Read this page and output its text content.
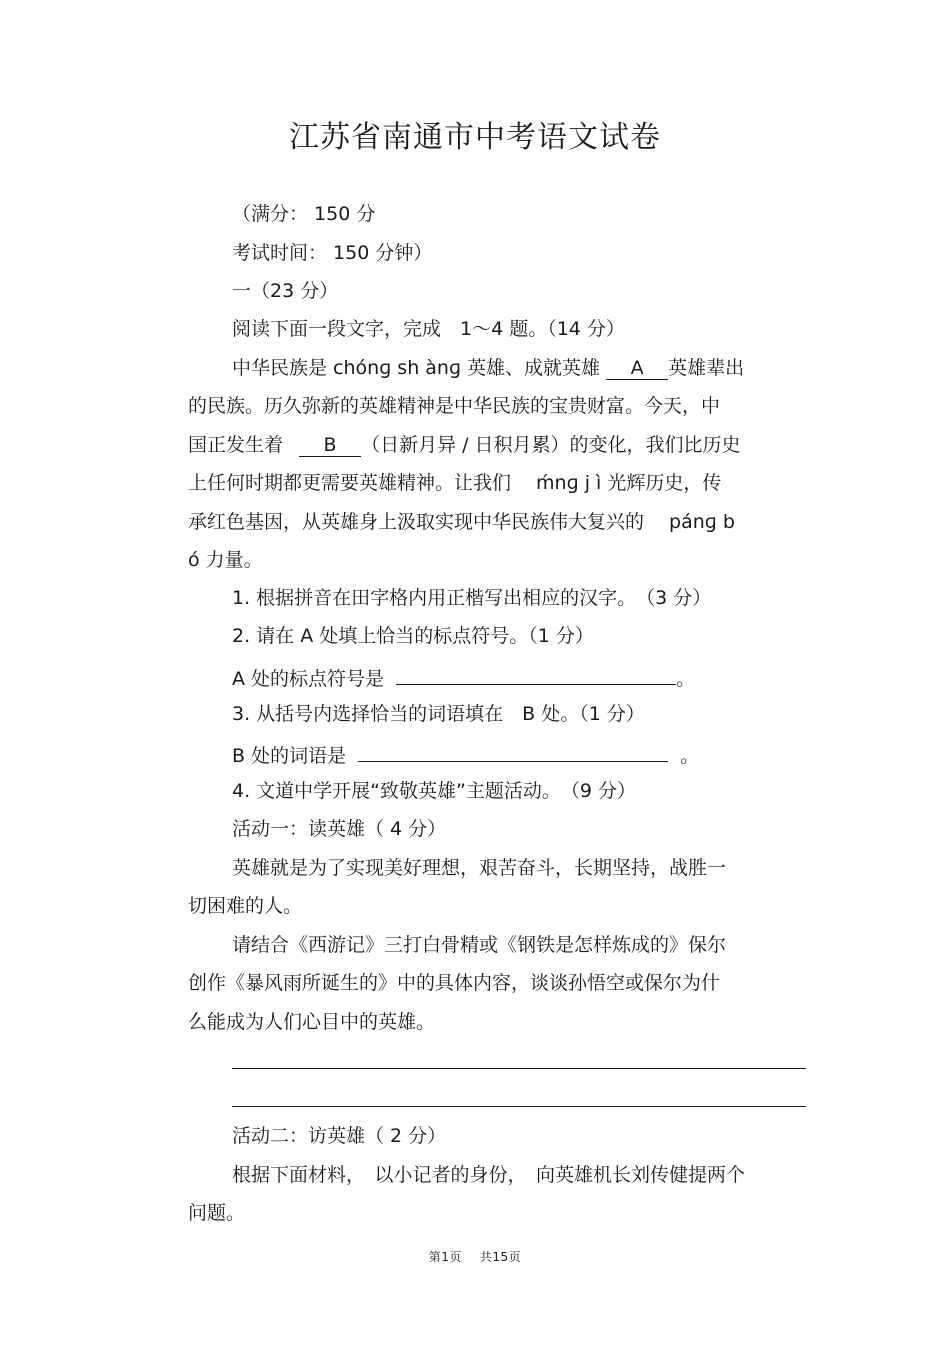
江苏省南通市中考语文试卷
（满分： 150 分
考试时间： 150 分钟）
一（23 分）
阅读下面一段文字，完成　1～4 题。（14 分）
中华民族是 chónɡ sh ànɡ 英雄、成就英雄 A 英雄辈出
的民族。历久弥新的英雄精神是中华民族的宝贵财富。今天，中
国正发生着 B （日新月异 / 日积月累）的变化，我们比历史
上任何时期都更需要英雄精神。让我们　 ḿnɡ j ì 光辉历史，传
承红色基因，从英雄身上汲取实现中华民族伟大复兴的　 pánɡ b
ó 力量。
1. 根据拼音在田字格内用正楷写出相应的汉字。　（3 分）
2. 请在 A 处填上恰当的标点符号。（1 分）
A 处的标点符号是	。
3. 从括号内选择恰当的词语填在　B 处。（1 分）
B 处的词语是	。
4. 文道中学开展“致敬英雄”主题活动。　（9 分）
活动一：读英雄（ 4 分）
英雄就是为了实现美好理想，艰苦奋斗，长期坚持，战胜一
切困难的人。
请结合《西游记》三打白骨精或《钢铁是怎样炼成的》保尔
创作《暴风雨所诞生的》中的具体内容，谈谈孙悟空或保尔为什
么能成为人们心目中的英雄。
活动二：访英雄（ 2 分）
根据下面材料，　以小记者的身份，　向英雄机长刘传健提两个
问题。
第1页 共15页
